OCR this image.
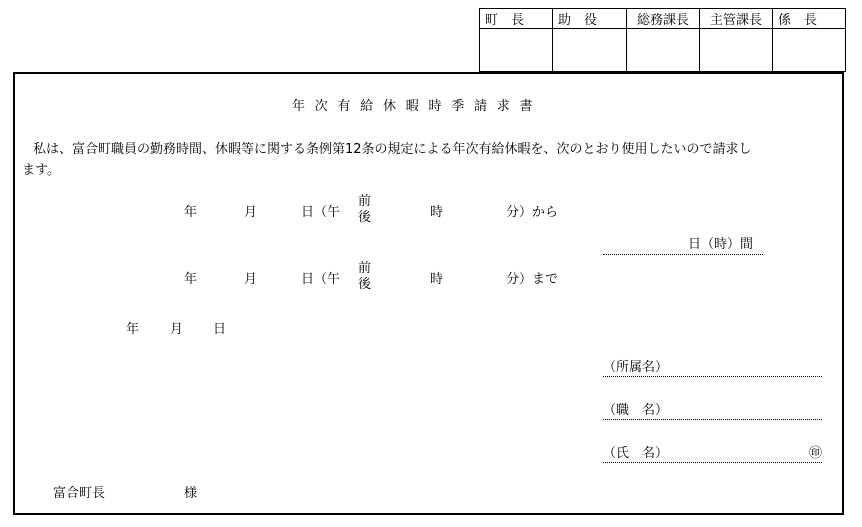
町　長	助　役	総務課長	主管課長	係　長

年次有給休暇時季請求書
　私は、富合町職員の勤務時間、休暇等に関する条例第12条の規定による年次有給休暇を、次のとおり使用したいので請求し
ます。
年	月	日（午
前
後	時	分）から
日（時）間
年	月	日（午
前
後	時	分）まで
年 月 日
（所属名）
（職　名）
（氏　名）	㊞
富合町長	様
